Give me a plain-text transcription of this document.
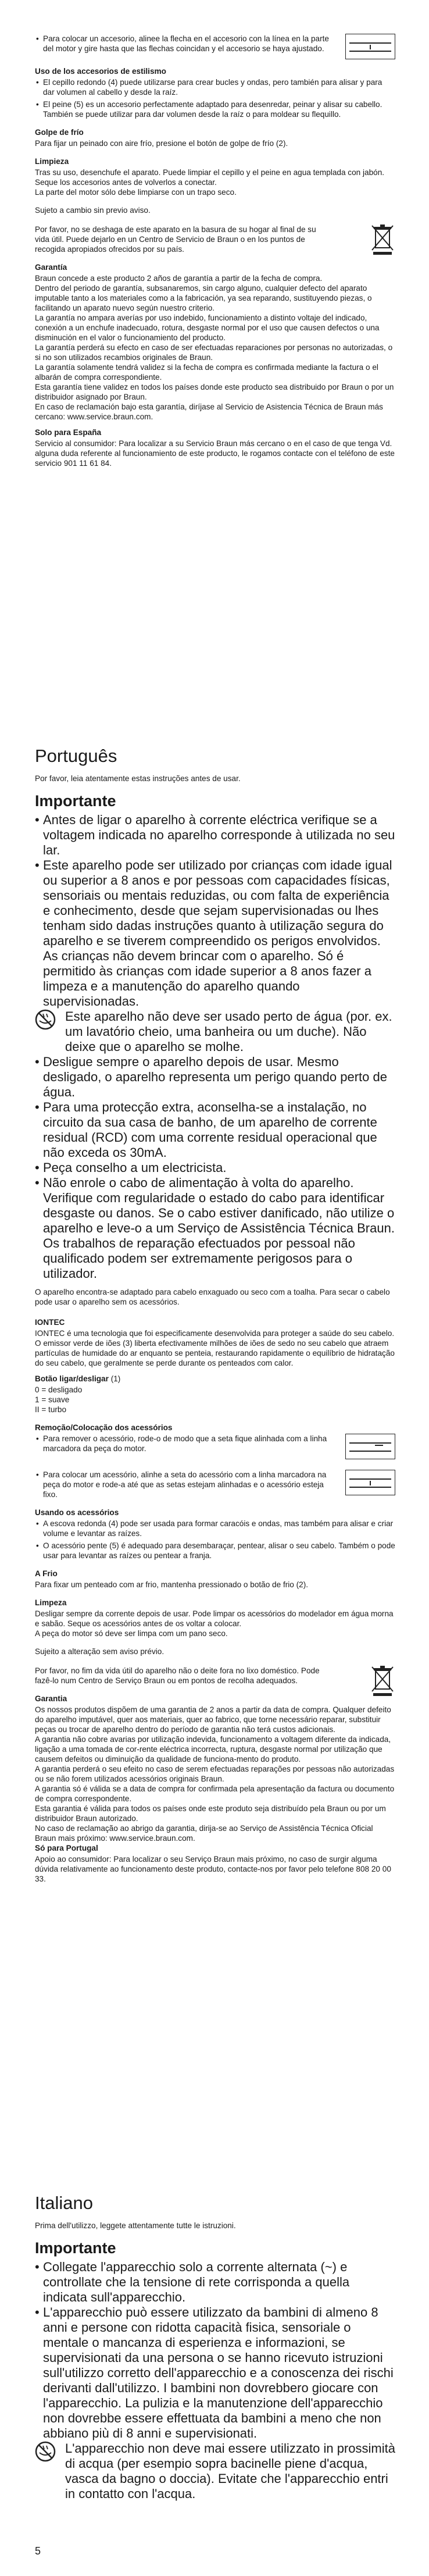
• Para colocar un accesorio, alinee la flecha en el accesorio con la línea en la parte del motor y gire hasta que las flechas coincidan y el accesorio se haya ajustado.

Uso de los accesorios de estilismo

• El cepillo redondo (4) puede utilizarse para crear bucles y ondas, pero también para alisar y para dar volumen al cabello y desde la raíz.

• El peine (5) es un accesorio perfectamente adaptado para desenredar, peinar y alisar su cabello. También se puede utilizar para dar volumen desde la raíz o para moldear su flequillo.

Golpe de frío

Para fijar un peinado con aire frío, presione el botón de golpe de frío (2).

Limpieza

Tras su uso, desenchufe el aparato. Puede limpiar el cepillo y el peine en agua templada con jabón. Seque los accesorios antes de volverlos a conectar.
La parte del motor sólo debe limpiarse con un trapo seco.

Sujeto a cambio sin previo aviso.

Por favor, no se deshaga de este aparato en la basura de su hogar al final de su vida útil. Puede dejarlo en un Centro de Servicio de Braun o en los puntos de recogida apropiados ofrecidos por su país.

Garantía

Braun concede a este producto 2 años de garantía a partir de la fecha de compra.
Dentro del periodo de garantía, subsanaremos, sin cargo alguno, cualquier defecto del aparato imputable tanto a los materiales como a la fabricación, ya sea reparando, sustituyendo piezas, o facilitando un aparato nuevo según nuestro criterio.
La garantía no ampara averías por uso indebido, funcionamiento a distinto voltaje del indicado, conexión a un enchufe inadecuado, rotura, desgaste normal por el uso que causen defectos o una disminución en el valor o funcionamiento del producto.
La garantía perderá su efecto en caso de ser efectuadas reparaciones por personas no autorizadas, o si no son utilizados recambios originales de Braun.
La garantía solamente tendrá validez si la fecha de compra es confirmada mediante la factura o el albarán de compra correspondiente.
Esta garantía tiene validez en todos los países donde este producto sea distribuido por Braun o por un distribuidor asignado por Braun.
En caso de reclamación bajo esta garantía, diríjase al Servicio de Asistencia Técnica de Braun más cercano: www.service.braun.com.

Solo para España

Servicio al consumidor: Para localizar a su Servicio Braun más cercano o en el caso de que tenga Vd. alguna duda referente al funcionamiento de este producto, le rogamos contacte con el teléfono de este servicio 901 11 61 84.

Português

Por favor, leia atentamente estas instruções antes de usar.

Importante

• Antes de ligar o aparelho à corrente eléctrica verifique se a voltagem indicada no aparelho corresponde à utilizada no seu lar.

• Este aparelho pode ser utilizado por crianças com idade igual ou superior a 8 anos e por pessoas com capacidades físicas, sensoriais ou mentais reduzidas, ou com falta de experiência e conhecimento, desde que sejam supervisionadas ou lhes tenham sido dadas instruções quanto à utilização segura do aparelho e se tiverem compreendido os perigos envolvidos. As crianças não devem brincar com o aparelho. Só é permitido às crianças com idade superior a 8 anos fazer a limpeza e a manutenção do aparelho quando supervisionadas.

Este aparelho não deve ser usado perto de água (por. ex. um lavatório cheio, uma banheira ou um duche). Não deixe que o aparelho se molhe.

• Desligue sempre o aparelho depois de usar. Mesmo desligado, o aparelho representa um perigo quando perto de água.

• Para uma protecção extra, aconselha-se a instalação, no circuito da sua casa de banho, de um aparelho de corrente residual (RCD) com uma corrente residual operacional que não exceda os 30mA.

• Peça conselho a um electricista.

• Não enrole o cabo de alimentação à volta do aparelho. Verifique com regularidade o estado do cabo para identificar desgaste ou danos. Se o cabo estiver danificado, não utilize o aparelho e leve-o a um Serviço de Assistência Técnica Braun. Os trabalhos de reparação efectuados por pessoal não qualificado podem ser extremamente perigosos para o utilizador.

O aparelho encontra-se adaptado para cabelo enxaguado ou seco com a toalha. Para secar o cabelo pode usar o aparelho sem os acessórios.

IONTEC

IONTEC é uma tecnologia que foi especificamente desenvolvida para proteger a saúde do seu cabelo. O emissor verde de iões (3) liberta efectivamente milhões de iões de sedo no seu cabelo que atraem partículas de humidade do ar enquanto se penteia, restaurando rapidamente o equilíbrio de hidratação do seu cabelo, que geralmente se perde durante os penteados com calor.

Botão ligar/desligar (1)

0 = desligado

1 = suave

II = turbo

Remoção/Colocação dos acessórios

• Para remover o acessório, rode-o de modo que a seta fique alinhada com a linha marcadora da peça do motor.

• Para colocar um acessório, alinhe a seta do acessório com a linha marcadora na peça do motor e rode-a até que as setas estejam alinhadas e o acessório esteja fixo.

Usando os acessórios

• A escova redonda (4) pode ser usada para formar caracóis e ondas, mas também para alisar e criar volume e levantar as raízes.

• O acessório pente (5) é adequado para desembaraçar, pentear, alisar o seu cabelo. Também o pode usar para levantar as raízes ou pentear a franja.

A Frio

Para fixar um penteado com ar frio, mantenha pressionado o botão de frio (2).

Limpeza

Desligar sempre da corrente depois de usar. Pode limpar os acessórios do modelador em água morna e sabão. Seque os acessórios antes de os voltar a colocar.
A peça do motor só deve ser limpa com um pano seco.

Sujeito a alteração sem aviso prévio.

Por favor, no fim da vida útil do aparelho não o deite fora no lixo doméstico. Pode fazê-lo num Centro de Serviço Braun ou em pontos de recolha adequados.

Garantia

Os nossos produtos dispõem de uma garantia de 2 anos a partir da data de compra. Qualquer defeito do aparelho imputável, quer aos materiais, quer ao fabrico, que torne necessário reparar, substituir peças ou trocar de aparelho dentro do período de garantia não terá custos adicionais.
A garantia não cobre avarias por utilização indevida, funcionamento a voltagem diferente da indicada, ligação a uma tomada de cor-rente eléctrica incorrecta, ruptura, desgaste normal por utilização que causem defeitos ou diminuição da qualidade de funciona-mento do produto.
A garantia perderá o seu efeito no caso de serem efectuadas reparações por pessoas não autorizadas ou se não forem utilizados acessórios originais Braun.
A garantia só é válida se a data de compra for confirmada pela apresentação da factura ou documento de compra correspondente.
Esta garantia é válida para todos os países onde este produto seja distribuído pela Braun ou por um distribuidor Braun autorizado.
No caso de reclamação ao abrigo da garantia, dirija-se ao Serviço de Assistência Técnica Oficial Braun mais próximo: www.service.braun.com.

Só para Portugal

Apoio ao consumidor: Para localizar o seu Serviço Braun mais próximo, no caso de surgir alguma dúvida relativamente ao funcionamento deste produto, contacte-nos por favor pelo telefone 808 20 00 33.

Italiano

Prima dell'utilizzo, leggete attentamente tutte le istruzioni.

Importante

• Collegate l'apparecchio solo a corrente alternata (~) e controllate che la tensione di rete corrisponda a quella indicata sull'apparecchio.

• L'apparecchio può essere utilizzato da bambini di almeno 8 anni e persone con ridotta capacità fisica, sensoriale o mentale o mancanza di esperienza e informazioni, se supervisionati da una persona o se hanno ricevuto istruzioni sull'utilizzo corretto dell'apparecchio e a conoscenza dei rischi derivanti dall'utilizzo. I bambini non dovrebbero giocare con l'apparecchio. La pulizia e la manutenzione dell'apparecchio non dovrebbe essere effettuata da bambini a meno che non abbiano più di 8 anni e supervisionati.

L'apparecchio non deve mai essere utilizzato in prossimità di acqua (per esempio sopra bacinelle piene d'acqua, vasca da bagno o doccia). Evitate che l'apparecchio entri in contatto con l'acqua.

5
